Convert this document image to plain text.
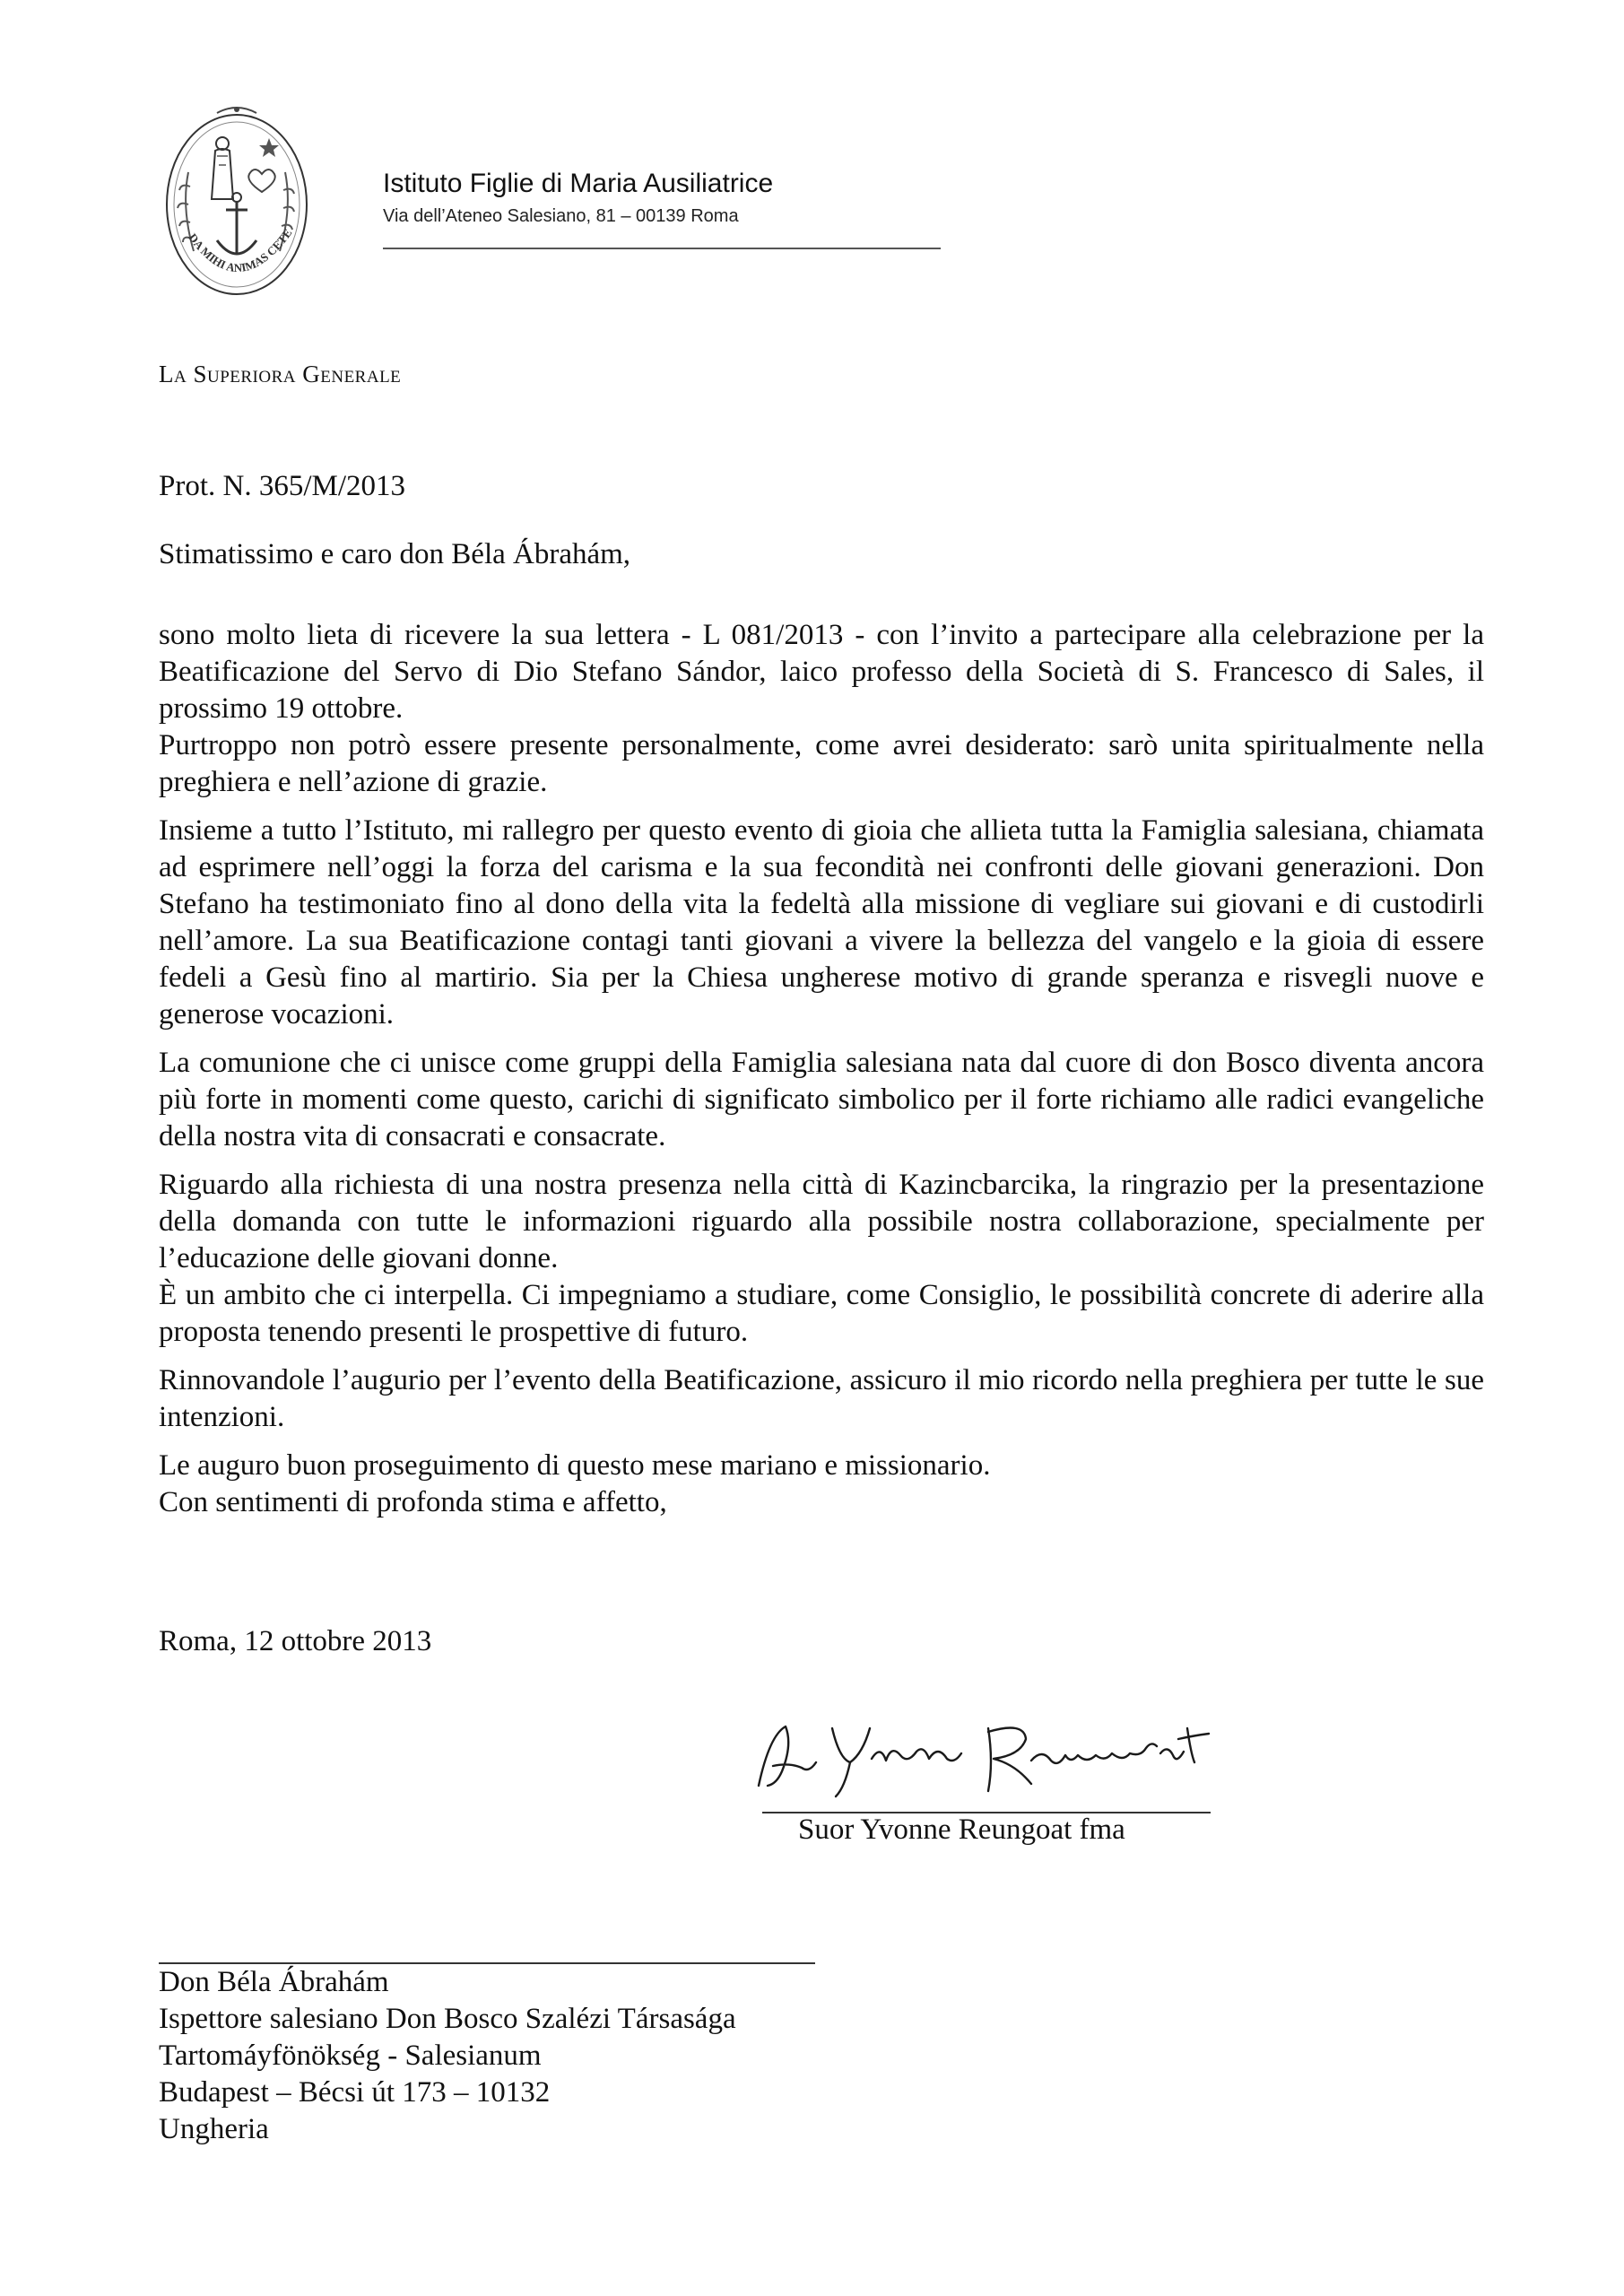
DA MIHI ANIMAS CETE
Istituto Figlie di Maria Ausiliatrice
Via dell’Ateneo Salesiano, 81 – 00139 Roma
La Superiora Generale
Prot. N. 365/M/2013
Stimatissimo e caro don Béla Ábrahám,

sono molto lieta di ricevere la sua lettera - L 081/2013 - con l’invito a partecipare alla celebrazione per la Beatificazione del Servo di Dio Stefano Sándor, laico professo della Società di S. Francesco di Sales, il prossimo 19 ottobre.

Purtroppo non potrò essere presente personalmente, come avrei desiderato: sarò unita spiritualmente nella preghiera e nell’azione di grazie.

Insieme a tutto l’Istituto, mi rallegro per questo evento di gioia che allieta tutta la Famiglia salesiana, chiamata ad esprimere nell’oggi la forza del carisma e la sua fecondità nei confronti delle giovani generazioni. Don Stefano ha testimoniato fino al dono della vita la fedeltà alla missione di vegliare sui giovani e di custodirli nell’amore. La sua Beatificazione contagi tanti giovani a vivere la bellezza del vangelo e la gioia di essere fedeli a Gesù fino al martirio. Sia per la Chiesa ungherese motivo di grande speranza e risvegli nuove e generose vocazioni.

La comunione che ci unisce come gruppi della Famiglia salesiana nata dal cuore di don Bosco diventa ancora più forte in momenti come questo, carichi di significato simbolico per il forte richiamo alle radici evangeliche della nostra vita di consacrati e consacrate.

Riguardo alla richiesta di una nostra presenza nella città di Kazincbarcika, la ringrazio per la presentazione della domanda con tutte le informazioni riguardo alla possibile nostra collaborazione, specialmente per l’educazione delle giovani donne.

È un ambito che ci interpella. Ci impegniamo a studiare, come Consiglio, le possibilità concrete di aderire alla proposta tenendo presenti le prospettive di futuro.

Rinnovandole l’augurio per l’evento della Beatificazione, assicuro il mio ricordo nella preghiera per tutte le sue intenzioni.

Le auguro buon proseguimento di questo mese mariano e missionario.

Con sentimenti di profonda stima e affetto,

Roma, 12 ottobre 2013
Suor Yvonne Reungoat fma
Don Béla Ábrahám
Ispettore salesiano Don Bosco Szalézi Társasága
Tartomáyfönökség - Salesianum
Budapest – Bécsi út 173 – 10132
Ungheria
